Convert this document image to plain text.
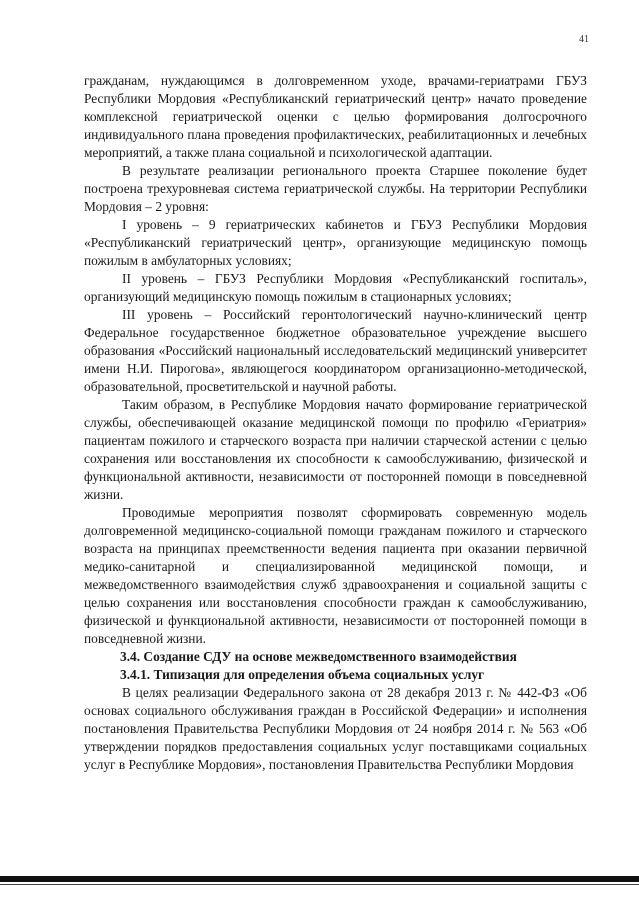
41

гражданам, нуждающимся в долговременном уходе, врачами-гериатрами ГБУЗ Республики Мордовия «Республиканский гериатрический центр» начато проведение комплексной гериатрической оценки с целью формирования долгосрочного индивидуального плана проведения профилактических, реабилитационных и лечебных мероприятий, а также плана социальной и психологической адаптации.

В результате реализации регионального проекта Старшее поколение будет построена трехуровневая система гериатрической службы. На территории Республики Мордовия – 2 уровня:

I уровень – 9 гериатрических кабинетов и ГБУЗ Республики Мордовия «Республиканский гериатрический центр», организующие медицинскую помощь пожилым в амбулаторных условиях;

II уровень – ГБУЗ Республики Мордовия «Республиканский госпиталь», организующий медицинскую помощь пожилым в стационарных условиях;

III уровень – Российский геронтологический научно-клинический центр Федеральное государственное бюджетное образовательное учреждение высшего образования «Российский национальный исследовательский медицинский университет имени Н.И. Пирогова», являющегося координатором организационно-методической, образовательной, просветительской и научной работы.

Таким образом, в Республике Мордовия начато формирование гериатрической службы, обеспечивающей оказание медицинской помощи по профилю «Гериатрия» пациентам пожилого и старческого возраста при наличии старческой астении с целью сохранения или восстановления их способности к самообслуживанию, физической и функциональной активности, независимости от посторонней помощи в повседневной жизни.

Проводимые мероприятия позволят сформировать современную модель долговременной медицинско-социальной помощи гражданам пожилого и старческого возраста на принципах преемственности ведения пациента при оказании первичной медико-санитарной и специализированной медицинской помощи, и межведомственного взаимодействия служб здравоохранения и социальной защиты с целью сохранения или восстановления способности граждан к самообслуживанию, физической и функциональной активности, независимости от посторонней помощи в повседневной жизни.

3.4. Создание СДУ на основе межведомственного взаимодействия

3.4.1. Типизация для определения объема социальных услуг

В целях реализации Федерального закона от 28 декабря 2013 г. № 442-ФЗ «Об основах социального обслуживания граждан в Российской Федерации» и исполнения постановления Правительства Республики Мордовия от 24 ноября 2014 г. № 563 «Об утверждении порядков предоставления социальных услуг поставщиками социальных услуг в Республике Мордовия», постановления Правительства Республики Мордовия
